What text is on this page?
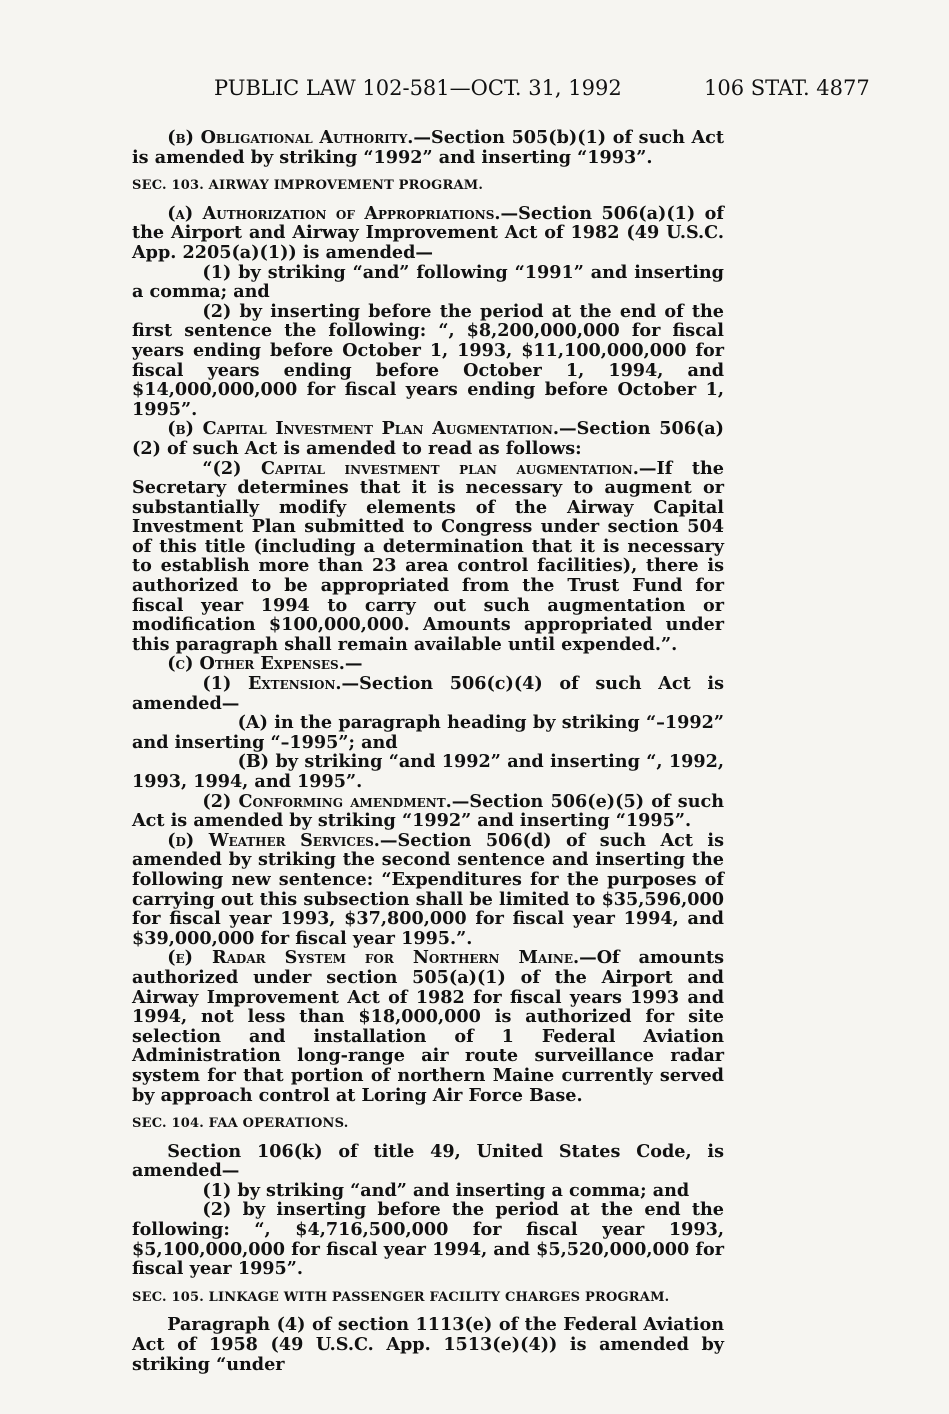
PUBLIC LAW 102-581—OCT. 31, 1992	106 STAT. 4877

(b) Obligational Authority.—Section 505(b)(1) of such Act is amended by striking “1992” and inserting “1993”.

SEC. 103. AIRWAY IMPROVEMENT PROGRAM.

(a) Authorization of Appropriations.—Section 506(a)(1) of the Airport and Airway Improvement Act of 1982 (49 U.S.C. App. 2205(a)(1)) is amended—

(1) by striking “and” following “1991” and inserting a comma; and

(2) by inserting before the period at the end of the first sentence the following: “, $8,200,000,000 for fiscal years ending before October 1, 1993, $11,100,000,000 for fiscal years ending before October 1, 1994, and $14,000,000,000 for fiscal years ending before October 1, 1995”.

(b) Capital Investment Plan Augmentation.—Section 506(a)(2) of such Act is amended to read as follows:

“(2) Capital investment plan augmentation.—If the Secretary determines that it is necessary to augment or substantially modify elements of the Airway Capital Investment Plan submitted to Congress under section 504 of this title (including a determination that it is necessary to establish more than 23 area control facilities), there is authorized to be appropriated from the Trust Fund for fiscal year 1994 to carry out such augmentation or modification $100,000,000. Amounts appropriated under this paragraph shall remain available until expended.”.

(c) Other Expenses.—

(1) Extension.—Section 506(c)(4) of such Act is amended—

(A) in the paragraph heading by striking “–1992” and inserting “–1995”; and

(B) by striking “and 1992” and inserting “, 1992, 1993, 1994, and 1995”.

(2) Conforming amendment.—Section 506(e)(5) of such Act is amended by striking “1992” and inserting “1995”.

(d) Weather Services.—Section 506(d) of such Act is amended by striking the second sentence and inserting the following new sentence: “Expenditures for the purposes of carrying out this subsection shall be limited to $35,596,000 for fiscal year 1993, $37,800,000 for fiscal year 1994, and $39,000,000 for fiscal year 1995.”.

(e) Radar System for Northern Maine.—Of amounts authorized under section 505(a)(1) of the Airport and Airway Improvement Act of 1982 for fiscal years 1993 and 1994, not less than $18,000,000 is authorized for site selection and installation of 1 Federal Aviation Administration long-range air route surveillance radar system for that portion of northern Maine currently served by approach control at Loring Air Force Base.

SEC. 104. FAA OPERATIONS.

Section 106(k) of title 49, United States Code, is amended—

(1) by striking “and” and inserting a comma; and

(2) by inserting before the period at the end the following: “, $4,716,500,000 for fiscal year 1993, $5,100,000,000 for fiscal year 1994, and $5,520,000,000 for fiscal year 1995”.

SEC. 105. LINKAGE WITH PASSENGER FACILITY CHARGES PROGRAM.

Paragraph (4) of section 1113(e) of the Federal Aviation Act of 1958 (49 U.S.C. App. 1513(e)(4)) is amended by striking “under
